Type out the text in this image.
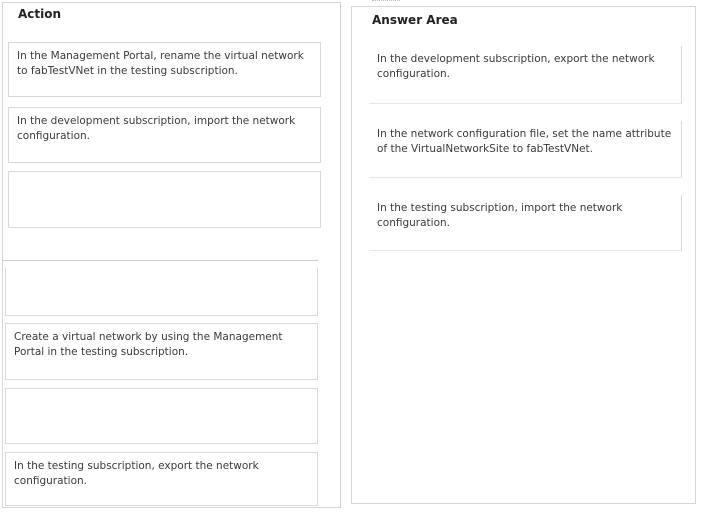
Action
In the Management Portal, rename the virtual network to fabTestVNet in the testing subscription.
In the development subscription, import the network configuration.
Create a virtual network by using the Management Portal in the testing subscription.
In the testing subscription, export the network configuration.
Answer Area
In the development subscription, export the network configuration.
In the network configuration file, set the name attribute of the VirtualNetworkSite to fabTestVNet.
In the testing subscription, import the network configuration.
